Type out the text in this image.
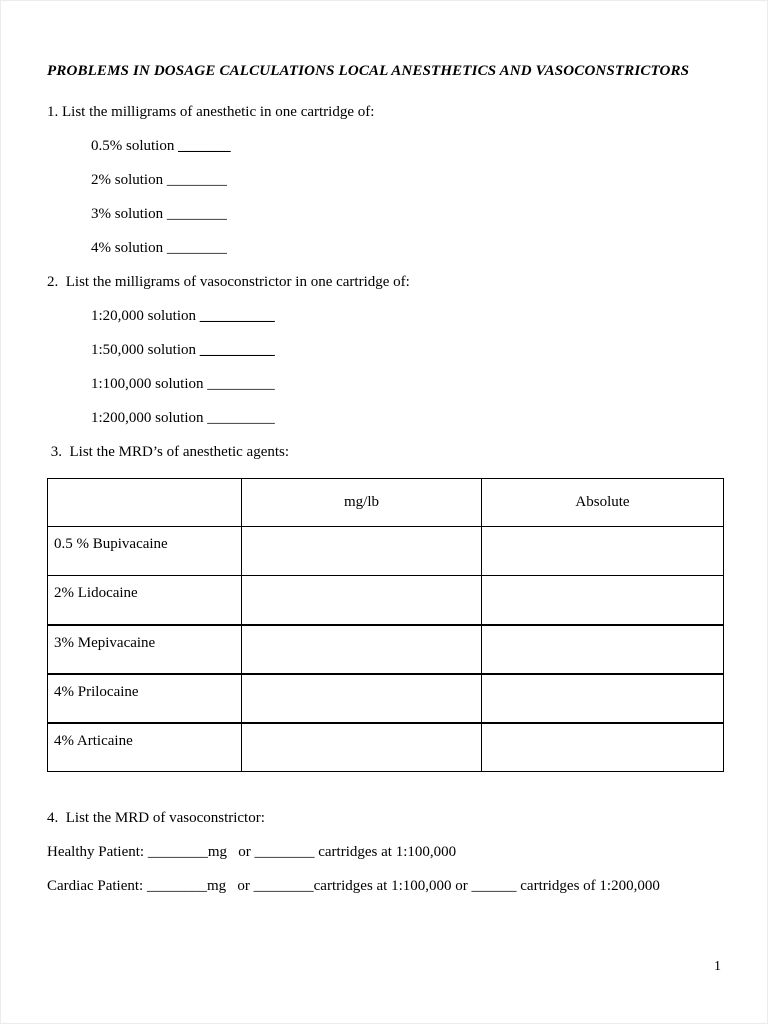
PROBLEMS IN DOSAGE CALCULATIONS LOCAL ANESTHETICS AND VASOCONSTRICTORS
1. List the milligrams of anesthetic in one cartridge of:
0.5% solution _______
2% solution ________
3% solution ________
4% solution ________
2.  List the milligrams of vasoconstrictor in one cartridge of:
1:20,000 solution __________
1:50,000 solution __________
1:100,000 solution _________
1:200,000 solution _________
3.  List the MRD’s of anesthetic agents:
	mg/lb	Absolute
0.5 % Bupivacaine		
2% Lidocaine		
3% Mepivacaine		
4% Prilocaine		
4% Articaine		
4.  List the MRD of vasoconstrictor:
Healthy Patient: ________mg   or ________ cartridges at 1:100,000
Cardiac Patient: ________mg   or ________cartridges at 1:100,000 or ______ cartridges of 1:200,000
1
